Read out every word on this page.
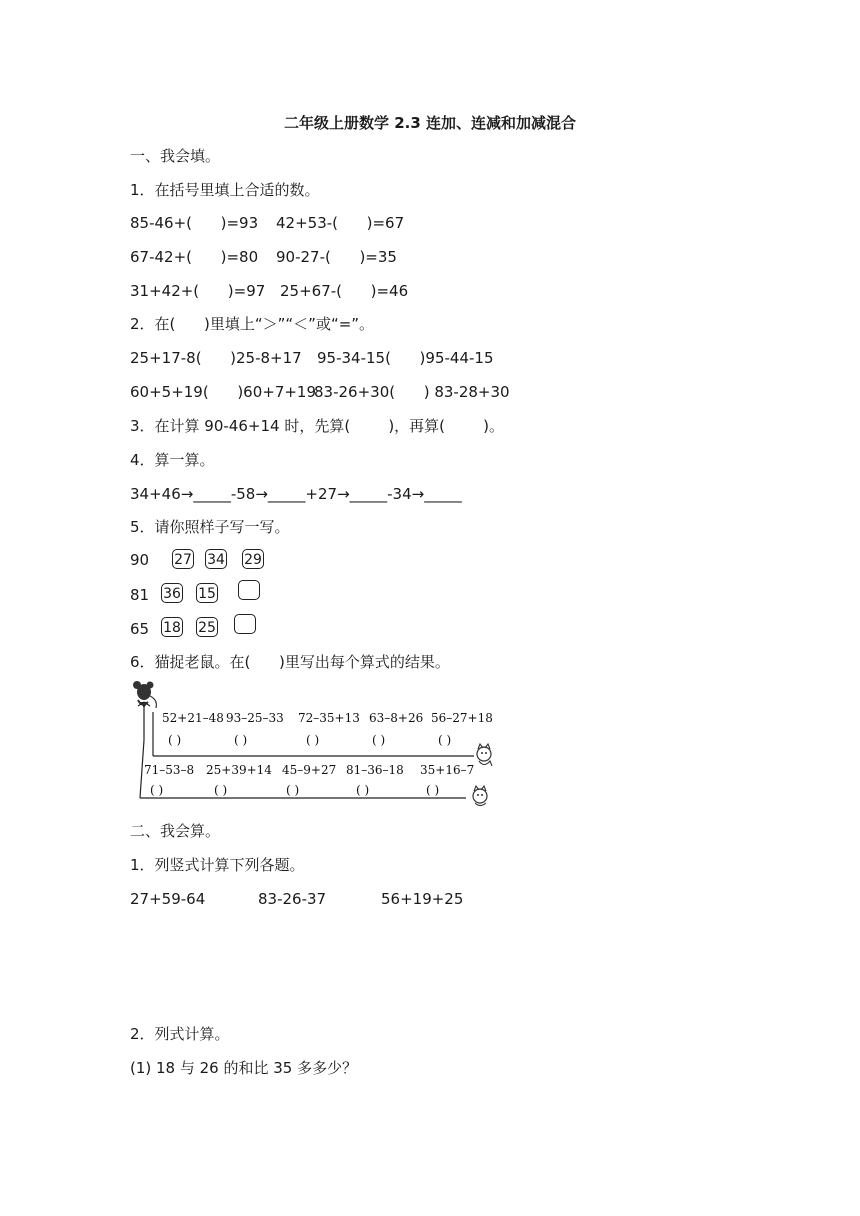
二年级上册数学 2.3 连加、连减和加减混合
一、我会填。
1．在括号里填上合适的数。
85-46+(      )=93 42+53-(      )=67
67-42+(      )=80 90-27-(      )=35
31+42+(      )=97 25+67-(      )=46
2．在(      )里填上“＞”“＜”或“=”。
25+17-8(      )25-8+17 95-34-15(      )95-44-15
60+5+19(      )60+7+19
83-26+30(      ) 83-28+30
3．在计算 90-46+14 时，先算(        )，再算(        )。
4．算一算。
34+46→_____-58→_____+27→_____-34→_____
5．请你照样子写一写。
90 27 34 29
81 36 15
65 18 25
6．猫捉老鼠。在(      )里写出每个算式的结果。
52+21–48 93–25–33 72–35+13 63–8+26 56–27+18
( )	( )	( )	( )	( )
71–53–8 25+39+14 45–9+27 81–36–18 35+16–7
( )	( )	( )	( )	( )
二、我会算。
1．列竖式计算下列各题。
27+59-64	83-26-37	56+19+25
2．列式计算。
(1) 18 与 26 的和比 35 多多少？
